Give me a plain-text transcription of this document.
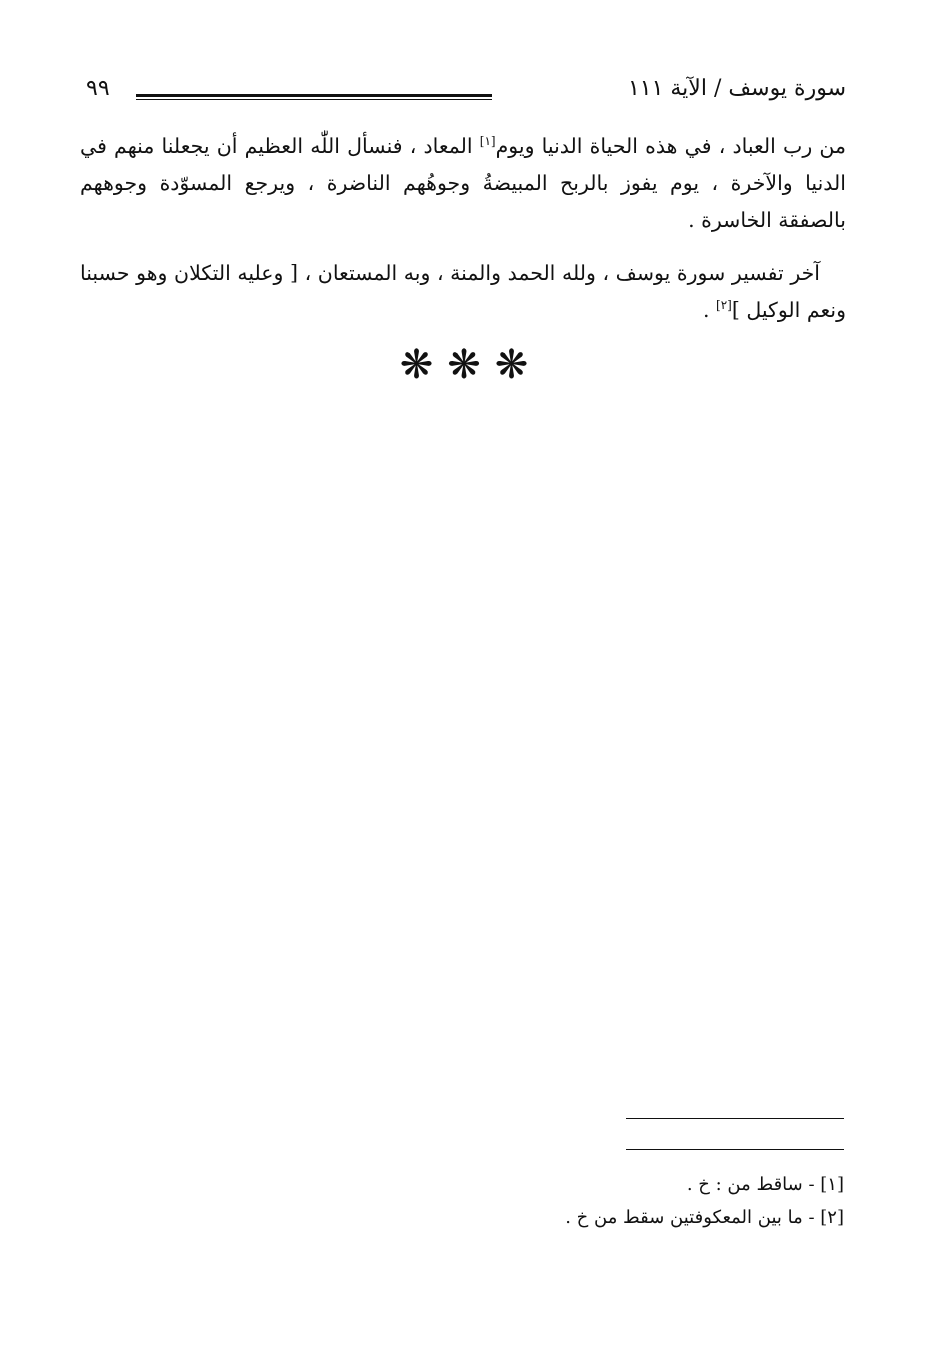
٩٩	سورة يوسف / الآية ١١١

من رب العباد ، في هذه الحياة الدنيا ويوم[١] المعاد ، فنسأل اللّٰه العظيم أن يجعلنا منهم في الدنيا والآخرة ، يوم يفوز بالربح المبيضةُ وجوهُهم الناضرة ، ويرجع المسوّدة وجوههم بالصفقة الخاسرة .

آخر تفسير سورة يوسف ، ولله الحمد والمنة ، وبه المستعان ، [ وعليه التكلان وهو حسبنا ونعم الوكيل ][٢] .

❋❋❋
[١] - ساقط من : خ .
[٢] - ما بين المعكوفتين سقط من خ .
